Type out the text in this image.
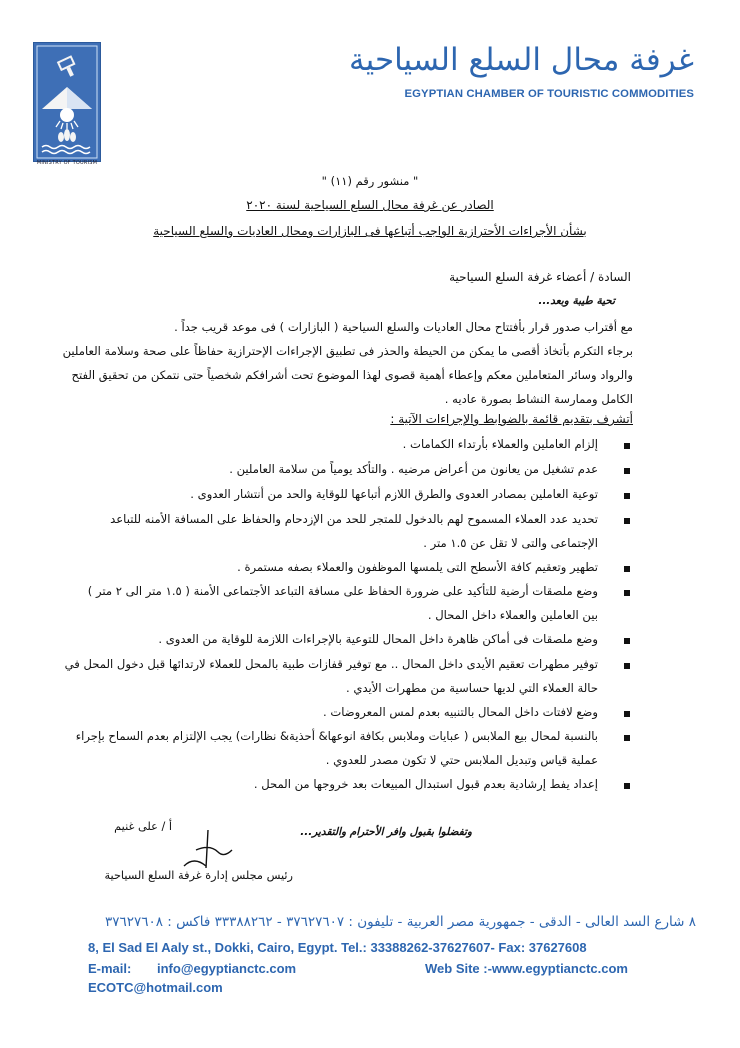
MINISTRY OF TOURISM
غرفة محال السلع السياحية
EGYPTIAN CHAMBER OF TOURISTIC COMMODITIES
" منشور رقم (١١) "
الصادر عن غرفة محال السلع السياحية لسنة ٢٠٢٠
بشأن الأجراءات الأحترازية الواجب أتباعها فى البازارات ومحال العاديات والسلع السياحية
السادة / أعضاء غرفة السلع السياحية
تحية طيبة وبعد...
مع أقتراب صدور قرار بأفتتاح محال العاديات والسلع السياحية ( البازارات ) فى موعد قريب جداً .
برجاء التكرم بأتخاذ أقصى ما يمكن من الحيطة والحذر فى تطبيق الإجراءات الإحترازية حفاظاً على صحة وسلامة العاملين
والرواد وسائر المتعاملين معكم وإعطاء أهمية قصوى لهذا الموضوع تحت أشرافكم شخصياً حتى نتمكن من تحقيق الفتح
الكامل وممارسة النشاط بصورة عاديه .
أتشرف بتقديم قائمة بالضوابط والإجراءات الآتية :
إلزام العاملين والعملاء بأرتداء الكمامات .
عدم تشغيل من يعانون من أعراض مرضيه . والتأكد يومياً من سلامة العاملين .
توعية العاملين بمصادر العدوى والطرق اللازم أتباعها للوقاية والحد من أنتشار العدوى .
تحديد عدد العملاء المسموح لهم بالدخول للمتجر للحد من الإزدحام والحفاظ على المسافة الأمنه للتباعد
الإجتماعى والتى لا تقل عن ١.٥ متر .
تطهير وتعقيم كافة الأسطح التى يلمسها الموظفون والعملاء بصفه مستمرة .
وضع ملصقات أرضية للتأكيد على ضرورة الحفاظ على مسافة التباعد الأجتماعى الأمنة ( ١.٥ متر الى ٢ متر )
بين العاملين والعملاء داخل المحال .
وضع ملصقات فى أماكن ظاهرة داخل المحال للتوعية بالإجراءات اللازمة للوقاية من العدوى .
توفير مطهرات تعقيم الأيدى داخل المحال .. مع توفير قفازات طبية بالمحل للعملاء لارتدائها قبل دخول المحل في
حالة العملاء التي لديها حساسية من مطهرات الأيدي .
وضع لافتات داخل المحال بالتنبيه بعدم لمس المعروضات .
بالنسبة لمحال بيع الملابس ( عبايات وملابس بكافة انوعها& أحذية& نظارات) يجب الإلتزام بعدم السماح بإجراء
عملية قياس وتبديل الملابس حتي لا تكون مصدر للعدوي .
إعداد يفط إرشادية بعدم قبول استبدال المبيعات بعد خروجها من المحل .
وتفضلوا بقبول وافر الأحترام والتقدير...
أ / على غنيم
رئيس مجلس إدارة غرفة السلع السياحية
٨ شارع السد العالى - الدقى - جمهورية مصر العربية - تليفون : ٣٧٦٢٧٦٠٧ - ٣٣٣٨٨٢٦٢ فاكس : ٣٧٦٢٧٦٠٨
8, El Sad El Aaly st., Dokki, Cairo, Egypt. Tel.: 33388262-37627607- Fax: 37627608
E-mail: info@egyptianctc.com	Web Site :-www.egyptianctc.com
ECOTC@hotmail.com
